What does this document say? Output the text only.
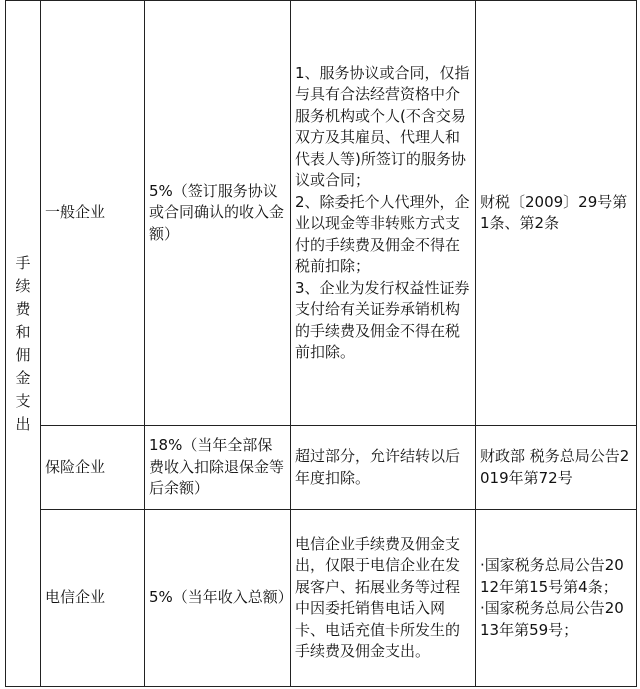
手续费和佣金支出	一般企业	5%（签订服务协议或合同确认的收入金额）	1、服务协议或合同，仅指与具有合法经营资格中介服务机构或个人(不含交易双方及其雇员、代理人和代表人等)所签订的服务协议或合同；
2、除委托个人代理外，企业以现金等非转账方式支付的手续费及佣金不得在税前扣除；
3、企业为发行权益性证券支付给有关证券承销机构的手续费及佣金不得在税前扣除。	财税〔2009〕29号第1条、第2条

	保险企业	18%（当年全部保费收入扣除退保金等后余额）	超过部分，允许结转以后年度扣除。	财政部 税务总局公告2019年第72号

	电信企业	5%（当年收入总额）	电信企业手续费及佣金支出，仅限于电信企业在发展客户、拓展业务等过程中因委托销售电话入网卡、电话充值卡所发生的手续费及佣金支出。	·国家税务总局公告2012年第15号第4条；
·国家税务总局公告2013年第59号；
